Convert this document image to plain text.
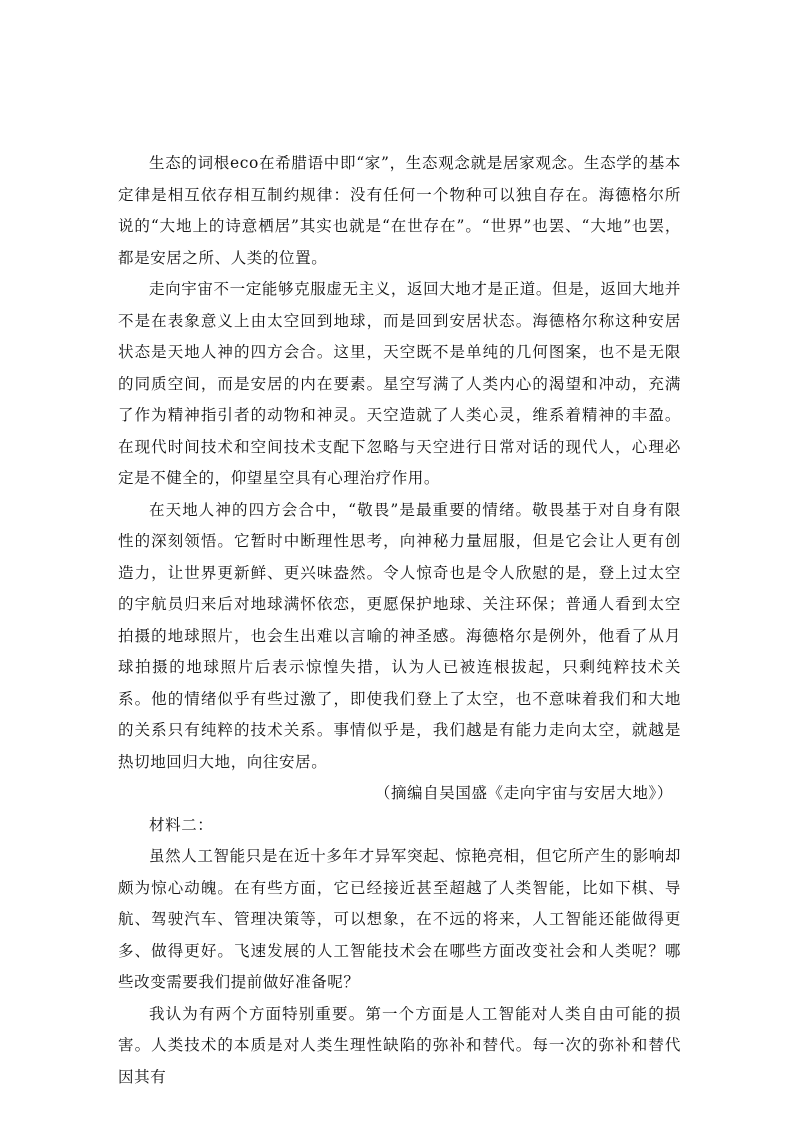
生态的词根eco在希腊语中即“家”，生态观念就是居家观念。生态学的基本定律是相互依存相互制约规律：没有任何一个物种可以独自存在。海德格尔所说的“大地上的诗意栖居”其实也就是“在世存在”。“世界”也罢、“大地”也罢，都是安居之所、人类的位置。

走向宇宙不一定能够克服虚无主义，返回大地才是正道。但是，返回大地并不是在表象意义上由太空回到地球，而是回到安居状态。海德格尔称这种安居状态是天地人神的四方会合。这里，天空既不是单纯的几何图案，也不是无限的同质空间，而是安居的内在要素。星空写满了人类内心的渴望和冲动，充满了作为精神指引者的动物和神灵。天空造就了人类心灵，维系着精神的丰盈。在现代时间技术和空间技术支配下忽略与天空进行日常对话的现代人，心理必定是不健全的，仰望星空具有心理治疗作用。

在天地人神的四方会合中，“敬畏”是最重要的情绪。敬畏基于对自身有限性的深刻领悟。它暂时中断理性思考，向神秘力量屈服，但是它会让人更有创造力，让世界更新鲜、更兴味盎然。令人惊奇也是令人欣慰的是，登上过太空的宇航员归来后对地球满怀依恋，更愿保护地球、关注环保；普通人看到太空拍摄的地球照片，也会生出难以言喻的神圣感。海德格尔是例外，他看了从月球拍摄的地球照片后表示惊惶失措，认为人已被连根拔起，只剩纯粹技术关系。他的情绪似乎有些过激了，即使我们登上了太空，也不意味着我们和大地的关系只有纯粹的技术关系。事情似乎是，我们越是有能力走向太空，就越是热切地回归大地，向往安居。

（摘编自吴国盛《走向宇宙与安居大地》）

材料二：

虽然人工智能只是在近十多年才异军突起、惊艳亮相，但它所产生的影响却颇为惊心动魄。在有些方面，它已经接近甚至超越了人类智能，比如下棋、导航、驾驶汽车、管理决策等，可以想象，在不远的将来，人工智能还能做得更多、做得更好。飞速发展的人工智能技术会在哪些方面改变社会和人类呢？哪些改变需要我们提前做好准备呢？

我认为有两个方面特别重要。第一个方面是人工智能对人类自由可能的损害。人类技术的本质是对人类生理性缺陷的弥补和替代。每一次的弥补和替代因其有
